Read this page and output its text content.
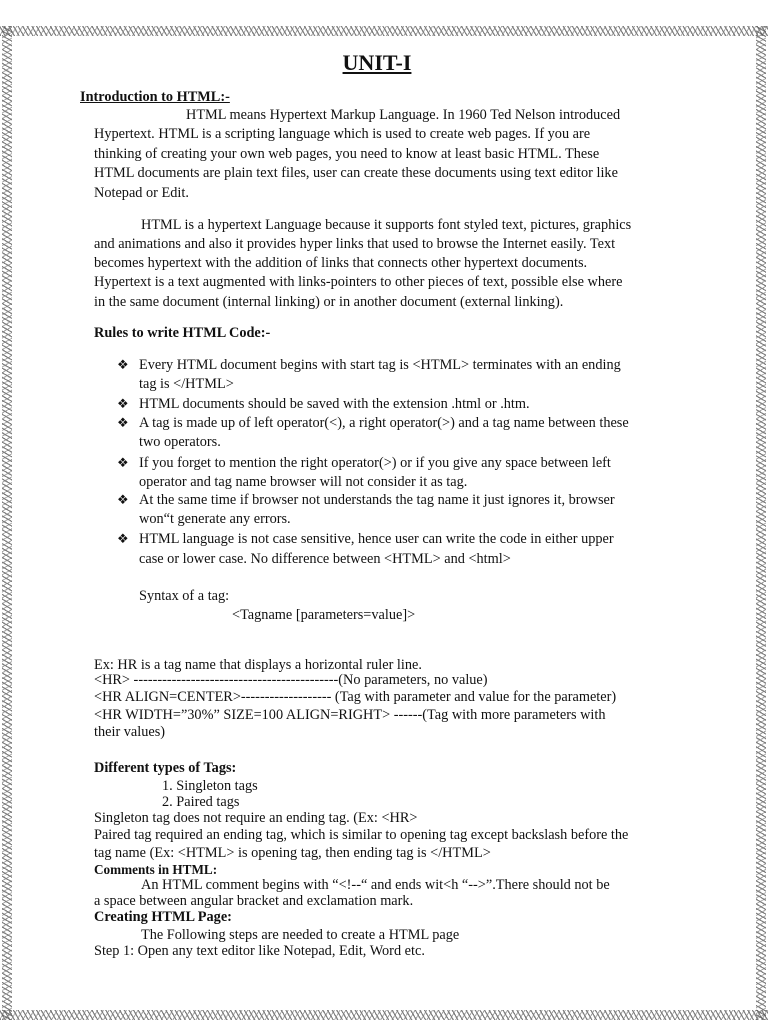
UNIT-I
Introduction to HTML:-
HTML means Hypertext Markup Language. In 1960 Ted Nelson introduced
Hypertext. HTML is a scripting language which is used to create web pages. If you are
thinking of creating your own web pages, you need to know at least basic HTML. These
HTML documents are plain text files, user can create these documents using text editor like
Notepad or Edit.
HTML is a hypertext Language because it supports font styled text, pictures, graphics
and animations and also it provides hyper links that used to browse the Internet easily. Text
becomes hypertext with the addition of links that connects other hypertext documents.
Hypertext is a text augmented with links-pointers to other pieces of text, possible else where
in the same document (internal linking) or in another document (external linking).
Rules to write HTML Code:-
❖ Every HTML document begins with start tag is <HTML> terminates with an ending
tag is </HTML>
❖ HTML documents should be saved with the extension .html or .htm.
❖ A tag is made up of left operator(<), a right operator(>) and a tag name between these
two operators.
❖ If you forget to mention the right operator(>) or if you give any space between left
operator and tag name browser will not consider it as tag.
❖ At the same time if browser not understands the tag name it just ignores it, browser
won“t generate any errors.
❖ HTML language is not case sensitive, hence user can write the code in either upper
case or lower case. No difference between <HTML> and <html>
Syntax of a tag:
<Tagname [parameters=value]>
Ex: HR is a tag name that displays a horizontal ruler line.
<HR> -------------------------------------------(No parameters, no value)
<HR ALIGN=CENTER>------------------- (Tag with parameter and value for the parameter)
<HR WIDTH=”30%” SIZE=100 ALIGN=RIGHT> ------(Tag with more parameters with
their values)
Different types of Tags:
1. Singleton tags
2. Paired tags
Singleton tag does not require an ending tag. (Ex: <HR>
Paired tag required an ending tag, which is similar to opening tag except backslash before the
tag name (Ex: <HTML> is opening tag, then ending tag is </HTML>
Comments in HTML:
An HTML comment begins with “<!--“ and ends wit<h “-->”.There should not be
a space between angular bracket and exclamation mark.
Creating HTML Page:
The Following steps are needed to create a HTML page
Step 1: Open any text editor like Notepad, Edit, Word etc.
